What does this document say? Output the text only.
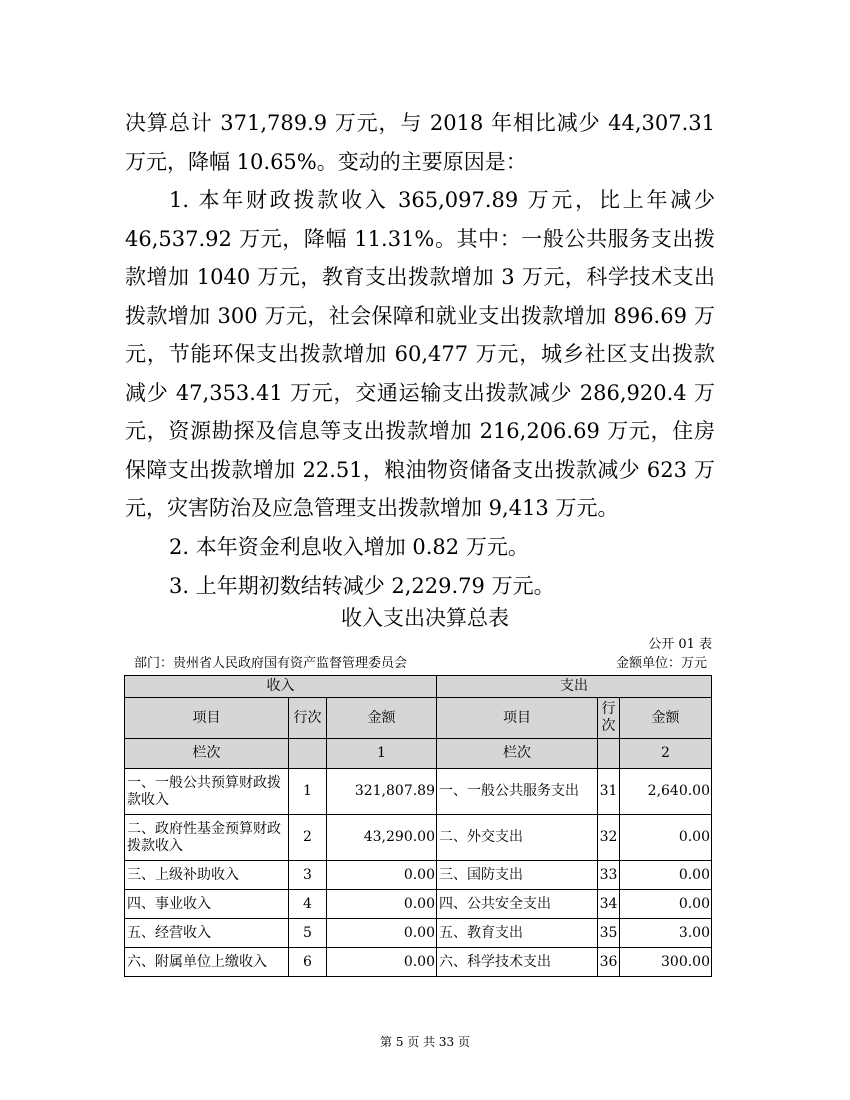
决算总计 371,789.9 万元，与 2018 年相比减少 44,307.31 万元，降幅 10.65%。变动的主要原因是：

1. 本年财政拨款收入 365,097.89 万元，比上年减少 46,537.92 万元，降幅 11.31%。其中：一般公共服务支出拨款增加 1040 万元，教育支出拨款增加 3 万元，科学技术支出拨款增加 300 万元，社会保障和就业支出拨款增加 896.69 万元，节能环保支出拨款增加 60,477 万元，城乡社区支出拨款减少 47,353.41 万元，交通运输支出拨款减少 286,920.4 万元，资源勘探及信息等支出拨款增加 216,206.69 万元，住房保障支出拨款增加 22.51，粮油物资储备支出拨款减少 623 万元，灾害防治及应急管理支出拨款增加 9,413 万元。

2. 本年资金利息收入增加 0.82 万元。

3. 上年期初数结转减少 2,229.79 万元。

收入支出决算总表
公开 01 表
部门：贵州省人民政府国有资产监督管理委员会	金额单位：万元
收入			支出		
项目	行次	金额	项目	行次	金额
栏次		1	栏次		2
一、一般公共预算财政拨款收入	1	321,807.89	一、一般公共服务支出	31	2,640.00
二、政府性基金预算财政拨款收入	2	43,290.00	二、外交支出	32	0.00
三、上级补助收入	3	0.00	三、国防支出	33	0.00
四、事业收入	4	0.00	四、公共安全支出	34	0.00
五、经营收入	5	0.00	五、教育支出	35	3.00
六、附属单位上缴收入	6	0.00	六、科学技术支出	36	300.00
第 5 页 共 33 页
